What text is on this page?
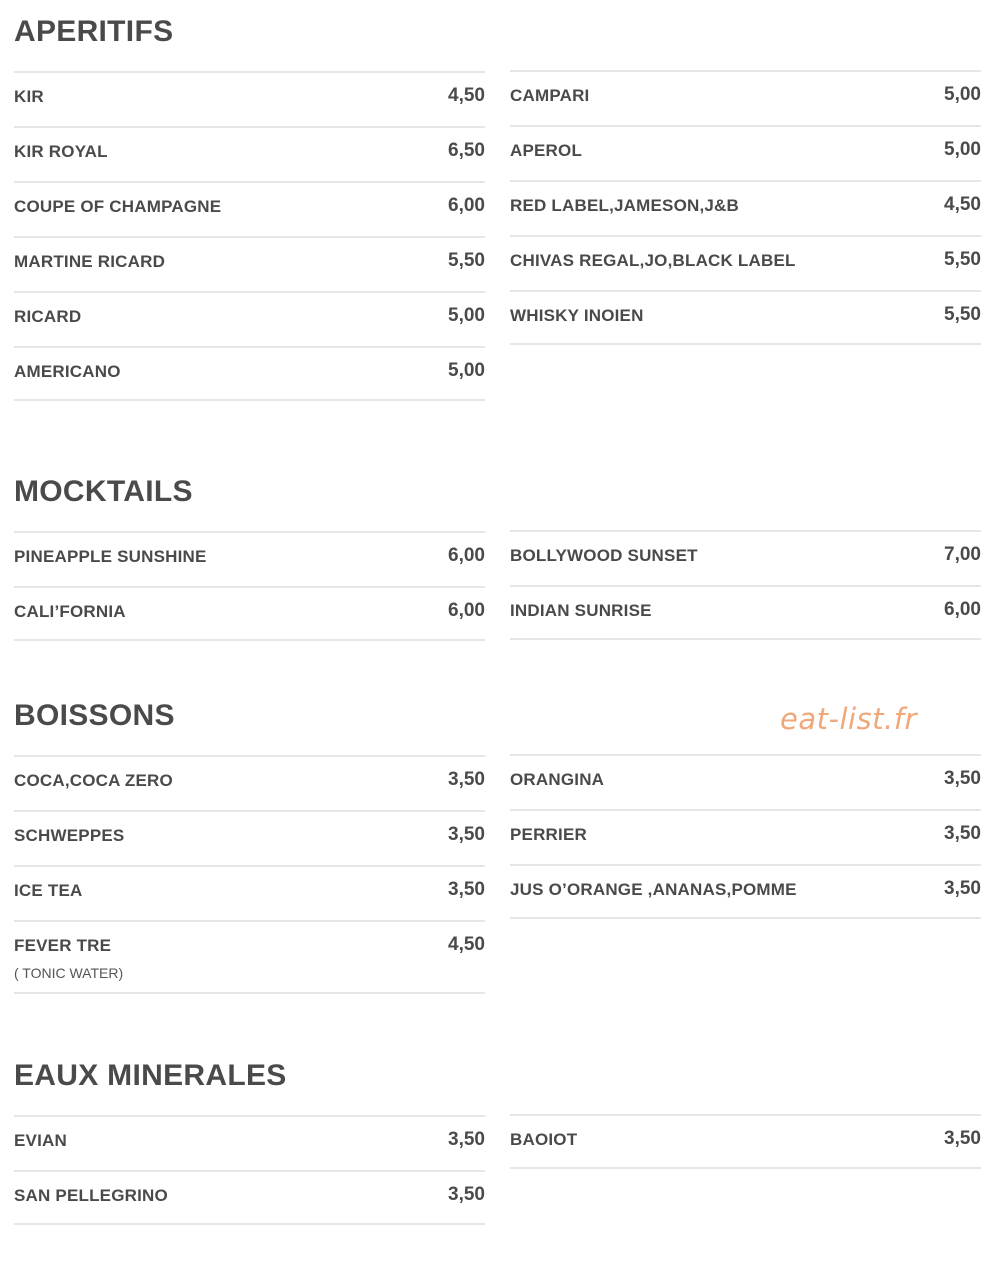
APERITIFS
KIR	4,50
KIR ROYAL	6,50
COUPE OF CHAMPAGNE	6,00
MARTINE RICARD	5,50
RICARD	5,00
AMERICANO	5,00
CAMPARI	5,00
APEROL	5,00
RED LABEL,JAMESON,J&B	4,50
CHIVAS REGAL,JO,BLACK LABEL	5,50
WHISKY INOIEN	5,50
MOCKTAILS
PINEAPPLE SUNSHINE	6,00
CALI’FORNIA	6,00
BOLLYWOOD SUNSET	7,00
INDIAN SUNRISE	6,00
BOISSONS
COCA,COCA ZERO	3,50
SCHWEPPES	3,50
ICE TEA	3,50
FEVER TRE	4,50
( TONIC WATER)
ORANGINA	3,50
PERRIER	3,50
JUS O’ORANGE ,ANANAS,POMME	3,50
eat-list.fr
EAUX MINERALES
EVIAN	3,50
SAN PELLEGRINO	3,50
BAOIOT	3,50
